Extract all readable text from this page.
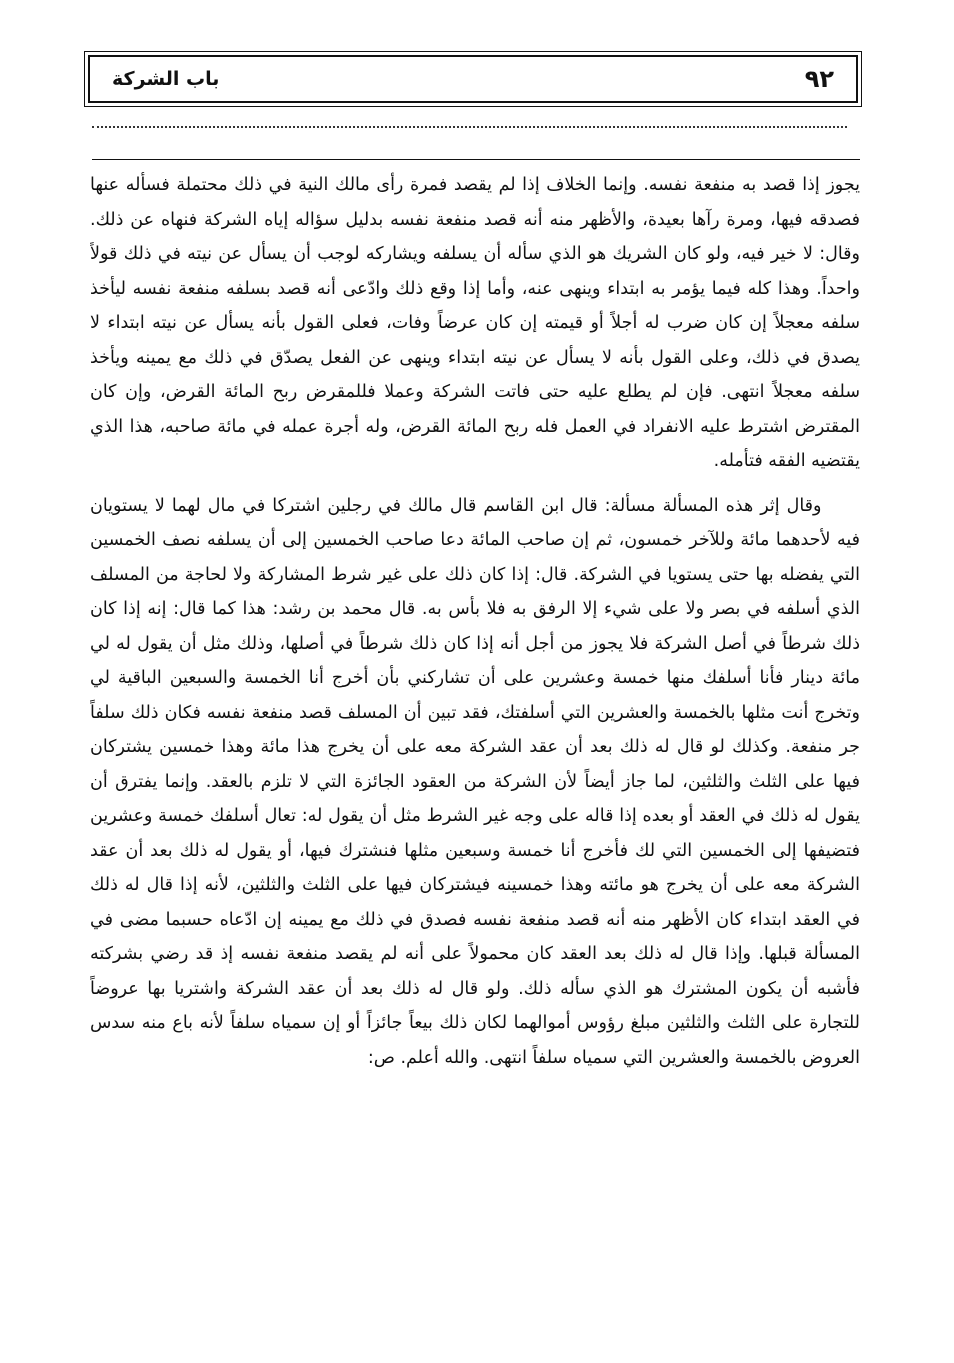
٩٢
باب الشركة

يجوز إذا قصد به منفعة نفسه. وإنما الخلاف إذا لم يقصد فمرة رأى مالك النية في ذلك محتملة فسأله عنها فصدقه فيها، ومرة رآها بعيدة، والأظهر منه أنه قصد منفعة نفسه بدليل سؤاله إياه الشركة فنهاه عن ذلك. وقال: لا خير فيه، ولو كان الشريك هو الذي سأله أن يسلفه ويشاركه لوجب أن يسأل عن نيته في ذلك قولاً واحداً. وهذا كله فيما يؤمر به ابتداء وينهى عنه، وأما إذا وقع ذلك وادّعى أنه قصد بسلفه منفعة نفسه ليأخذ سلفه معجلاً إن كان ضرب له أجلاً أو قيمته إن كان عرضاً وفات، فعلى القول بأنه يسأل عن نيته ابتداء لا يصدق في ذلك، وعلى القول بأنه لا يسأل عن نيته ابتداء وينهى عن الفعل يصدّق في ذلك مع يمينه ويأخذ سلفه معجلاً انتهى. فإن لم يطلع عليه حتى فاتت الشركة وعملا فللمقرض ربح المائة القرض، وإن كان المقترض اشترط عليه الانفراد في العمل فله ربح المائة القرض، وله أجرة عمله في مائة صاحبه، هذا الذي يقتضيه الفقه فتأمله.

وقال إثر هذه المسألة مسألة: قال ابن القاسم قال مالك في رجلين اشتركا في مال لهما لا يستويان فيه لأحدهما مائة وللآخر خمسون، ثم إن صاحب المائة دعا صاحب الخمسين إلى أن يسلفه نصف الخمسين التي يفضله بها حتى يستويا في الشركة. قال: إذا كان ذلك على غير شرط المشاركة ولا لحاجة من المسلف الذي أسلفه في بصر ولا على شيء إلا الرفق به فلا بأس به. قال محمد بن رشد: هذا كما قال: إنه إذا كان ذلك شرطاً في أصل الشركة فلا يجوز من أجل أنه إذا كان ذلك شرطاً في أصلها، وذلك مثل أن يقول له لي مائة دينار فأنا أسلفك منها خمسة وعشرين على أن تشاركني بأن أخرج أنا الخمسة والسبعين الباقية لي وتخرج أنت مثلها بالخمسة والعشرين التي أسلفتك، فقد تبين أن المسلف قصد منفعة نفسه فكان ذلك سلفاً جر منفعة. وكذلك لو قال له ذلك بعد أن عقد الشركة معه على أن يخرج هذا مائة وهذا خمسين يشتركان فيها على الثلث والثلثين، لما جاز أيضاً لأن الشركة من العقود الجائزة التي لا تلزم بالعقد. وإنما يفترق أن يقول له ذلك في العقد أو بعده إذا قاله على وجه غير الشرط مثل أن يقول له: تعال أسلفك خمسة وعشرين فتضيفها إلى الخمسين التي لك فأخرج أنا خمسة وسبعين مثلها فنشترك فيها، أو يقول له ذلك بعد أن عقد الشركة معه على أن يخرج هو مائته وهذا خمسينه فيشتركان فيها على الثلث والثلثين، لأنه إذا قال له ذلك في العقد ابتداء كان الأظهر منه أنه قصد منفعة نفسه فصدق في ذلك مع يمينه إن ادّعاه حسبما مضى في المسألة قبلها. وإذا قال له ذلك بعد العقد كان محمولاً على أنه لم يقصد منفعة نفسه إذ قد رضي بشركته فأشبه أن يكون المشترك هو الذي سأله ذلك. ولو قال له ذلك بعد أن عقد الشركة واشتريا بها عروضاً للتجارة على الثلث والثلثين مبلغ رؤوس أموالهما لكان ذلك بيعاً جائزاً أو إن سمياه سلفاً لأنه باع منه سدس العروض بالخمسة والعشرين التي سمياه سلفاً انتهى. والله أعلم. ص:
